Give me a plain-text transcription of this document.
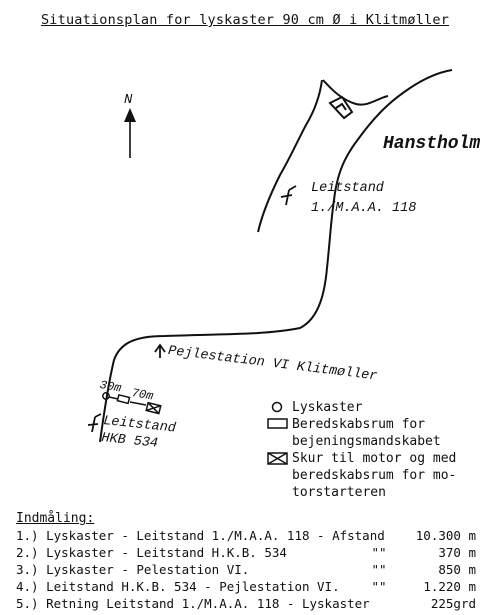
Situationsplan for lyskaster 90 cm Ø i Klitmøller
N
Hanstholm
Leitstand
1./M.A.A. 118
Pejlestation VI Klitmøller
30m 70m
Leitstand
HKB 534
Lyskaster
Beredskabsrum for
bejeningsmandskabet
Skur til motor og med
beredskabsrum for mo-
torstarteren
Indmåling:
1.) Lyskaster - Leitstand 1./M.A.A. 118 - Afstand 10.300 m
2.) Lyskaster - Leitstand H.K.B. 534	""	370 m
3.) Lyskaster - Pelestation VI.	""	850 m
4.) Leitstand H.K.B. 534 - Pejlestation VI.	""	1.220 m
5.) Retning Leitstand 1./M.A.A. 118 - Lyskaster	225grd
